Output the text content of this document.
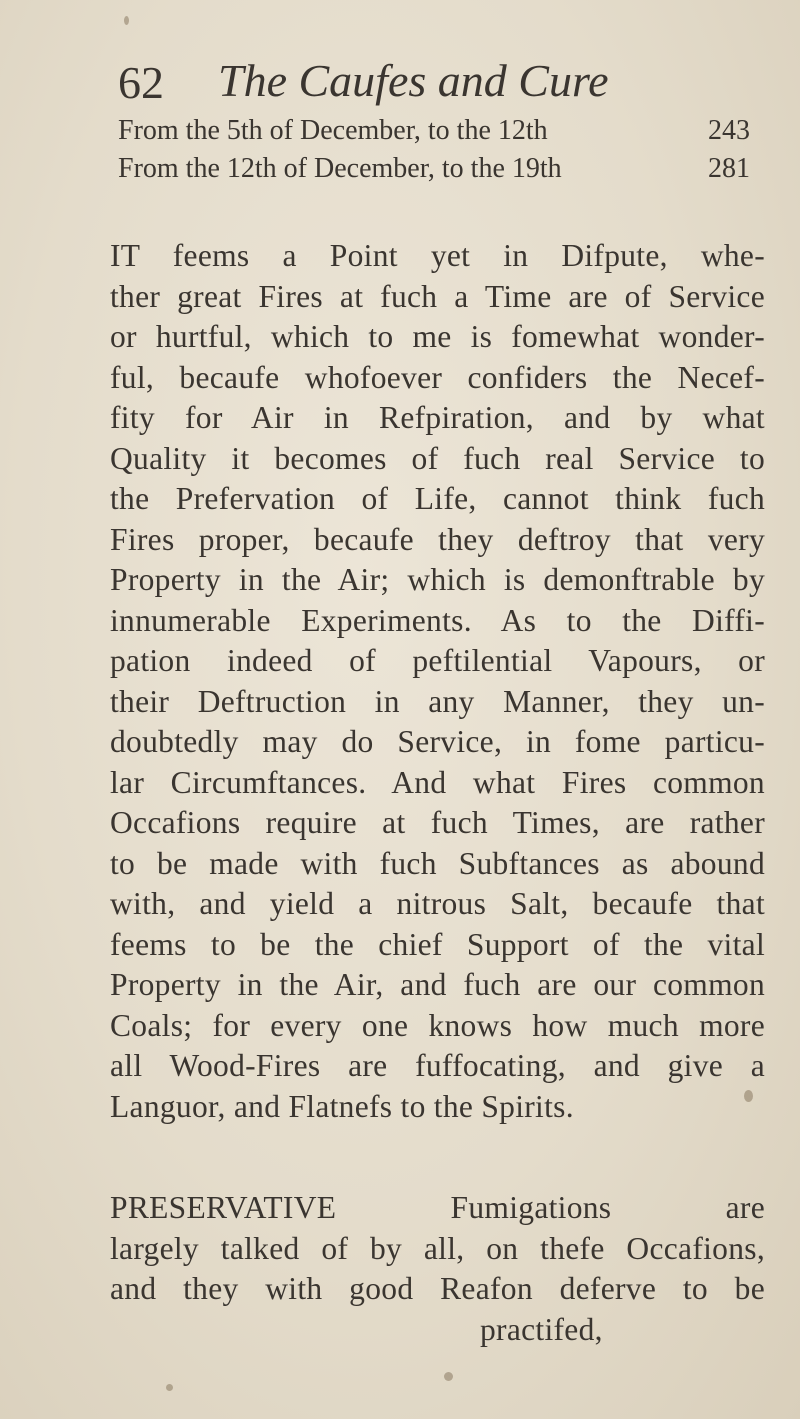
62 The Caufes and Cure
From the 5th of December, to the 12th	243
From the 12th of December, to the 19th	281
IT feems a Point yet in Difpute, whe-
ther great Fires at fuch a Time are of Service
or hurtful, which to me is fomewhat wonder-
ful, becaufe whofoever confiders the Necef-
fity for Air in Refpiration, and by what
Quality it becomes of fuch real Service to
the Prefervation of Life, cannot think fuch
Fires proper, becaufe they deftroy that very
Property in the Air; which is demonftrable by
innumerable Experiments. As to the Diffi-
pation indeed of peftilential Vapours, or
their Deftruction in any Manner, they un-
doubtedly may do Service, in fome particu-
lar Circumftances. And what Fires common
Occafions require at fuch Times, are rather
to be made with fuch Subftances as abound
with, and yield a nitrous Salt, becaufe that
feems to be the chief Support of the vital
Property in the Air, and fuch are our common
Coals; for every one knows how much more
all Wood-Fires are fuffocating, and give a
Languor, and Flatnefs to the Spirits.
PRESERVATIVE Fumigations are
largely talked of by all, on thefe Occafions,
and they with good Reafon deferve to be
practifed,
